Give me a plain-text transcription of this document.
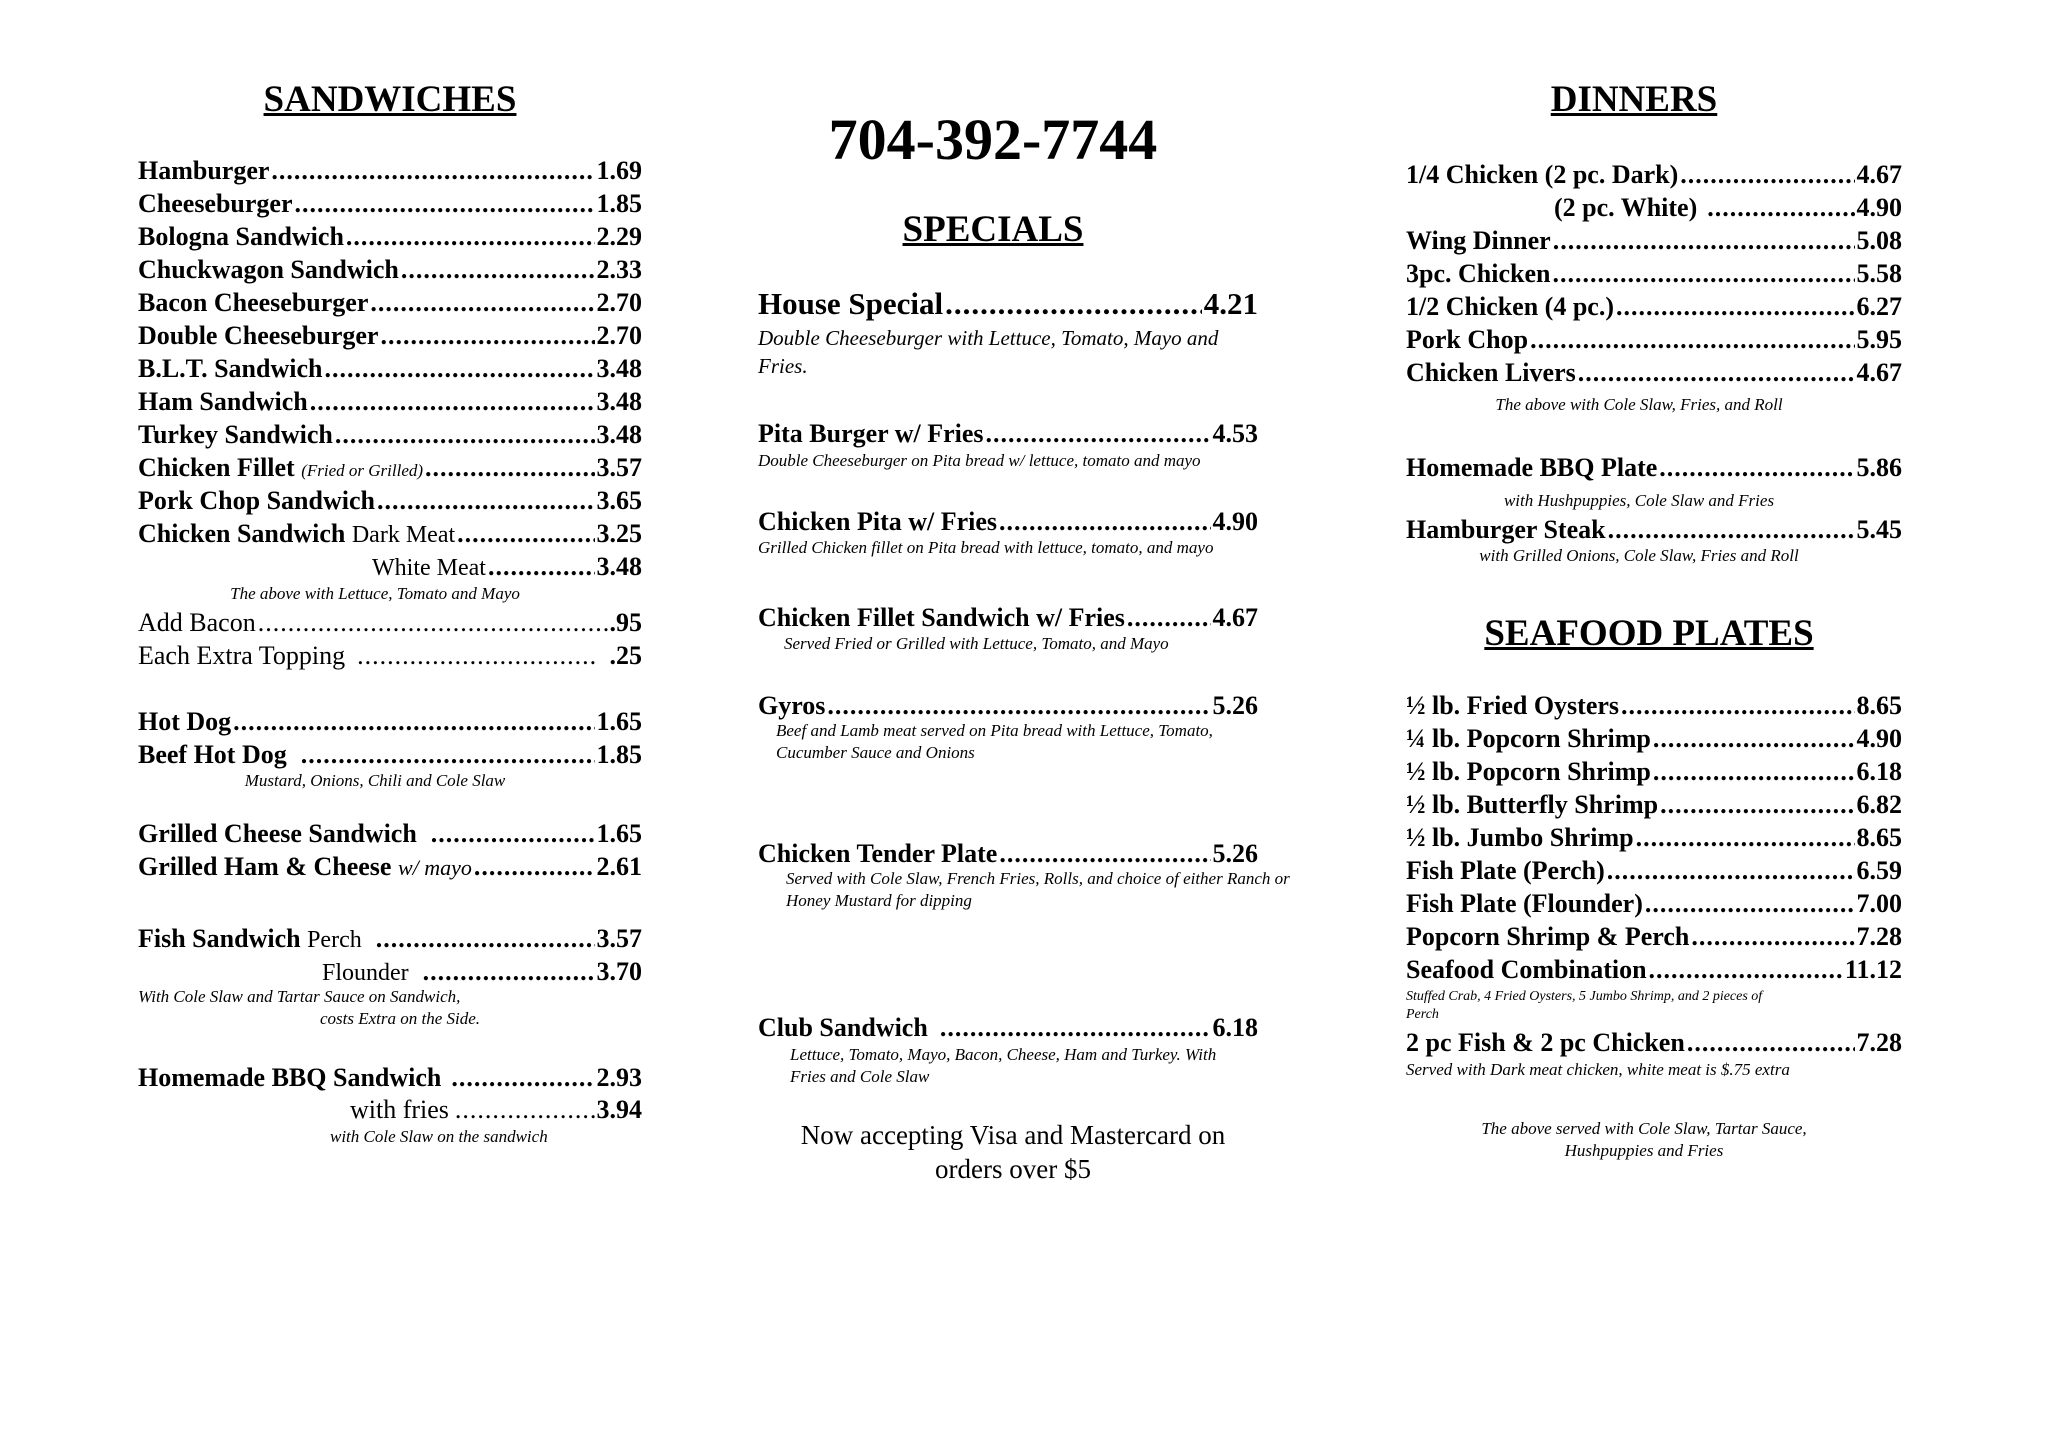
SANDWICHES
Hamburger .....	1.69
Cheeseburger .....	1.85
Bologna Sandwich .....	2.29
Chuckwagon Sandwich .....	2.33
Bacon Cheeseburger .....	2.70
Double Cheeseburger .....	2.70
B.L.T. Sandwich .....	3.48
Ham Sandwich .....	3.48
Turkey Sandwich .....	3.48
Chicken Fillet (Fried or Grilled) .....	3.57
Pork Chop Sandwich .....	3.65
Chicken Sandwich Dark Meat .....	3.25
White Meat .....	3.48
The above with Lettuce, Tomato and Mayo
Add Bacon .....	.95
Each Extra Topping .....	.25
Hot Dog .....	1.65
Beef Hot Dog .....	1.85
Mustard, Onions, Chili and Cole Slaw
Grilled Cheese Sandwich .....	1.65
Grilled Ham & Cheese w/ mayo .....	2.61
Fish Sandwich Perch .....	3.57
Flounder .....	3.70
With Cole Slaw and Tartar Sauce on Sandwich,
costs Extra on the Side.
Homemade BBQ Sandwich .....	2.93
with fries .....	3.94
with Cole Slaw on the sandwich
704-392-7744
SPECIALS
House Special .....	4.21
Double Cheeseburger with Lettuce, Tomato, Mayo and Fries.
Pita Burger w/ Fries .....	4.53
Double Cheeseburger on Pita bread w/ lettuce, tomato and mayo
Chicken Pita w/ Fries .....	4.90
Grilled Chicken fillet on Pita bread with lettuce, tomato, and mayo
Chicken Fillet Sandwich w/ Fries .....	4.67
Served Fried or Grilled with Lettuce, Tomato, and Mayo
Gyros .....	5.26
Beef and Lamb meat served on Pita bread with Lettuce, Tomato, Cucumber Sauce and Onions
Chicken Tender Plate .....	5.26
Served with Cole Slaw, French Fries, Rolls, and choice of either Ranch or Honey Mustard for dipping
Club Sandwich .....	6.18
Lettuce, Tomato, Mayo, Bacon, Cheese, Ham and Turkey. With Fries and Cole Slaw
Now accepting Visa and Mastercard on
orders over $5
DINNERS
1/4 Chicken (2 pc. Dark) .....	4.67
(2 pc. White) .....	4.90
Wing Dinner .....	5.08
3pc. Chicken .....	5.58
1/2 Chicken (4 pc.) .....	6.27
Pork Chop .....	5.95
Chicken Livers .....	4.67
The above with Cole Slaw, Fries, and Roll
Homemade BBQ Plate .....	5.86
with Hushpuppies, Cole Slaw and Fries
Hamburger Steak .....	5.45
with Grilled Onions, Cole Slaw, Fries and Roll
SEAFOOD PLATES
½ lb. Fried Oysters .....	8.65
¼ lb. Popcorn Shrimp .....	4.90
½ lb. Popcorn Shrimp .....	6.18
½ lb. Butterfly Shrimp .....	6.82
½ lb. Jumbo Shrimp .....	8.65
Fish Plate (Perch) .....	6.59
Fish Plate (Flounder) .....	7.00
Popcorn Shrimp & Perch .....	7.28
Seafood Combination .....	11.12
Stuffed Crab, 4 Fried Oysters, 5 Jumbo Shrimp, and 2 pieces of
Perch
2 pc Fish & 2 pc Chicken .....	7.28
Served with Dark meat chicken, white meat is $.75 extra
The above served with Cole Slaw, Tartar Sauce,
Hushpuppies and Fries
